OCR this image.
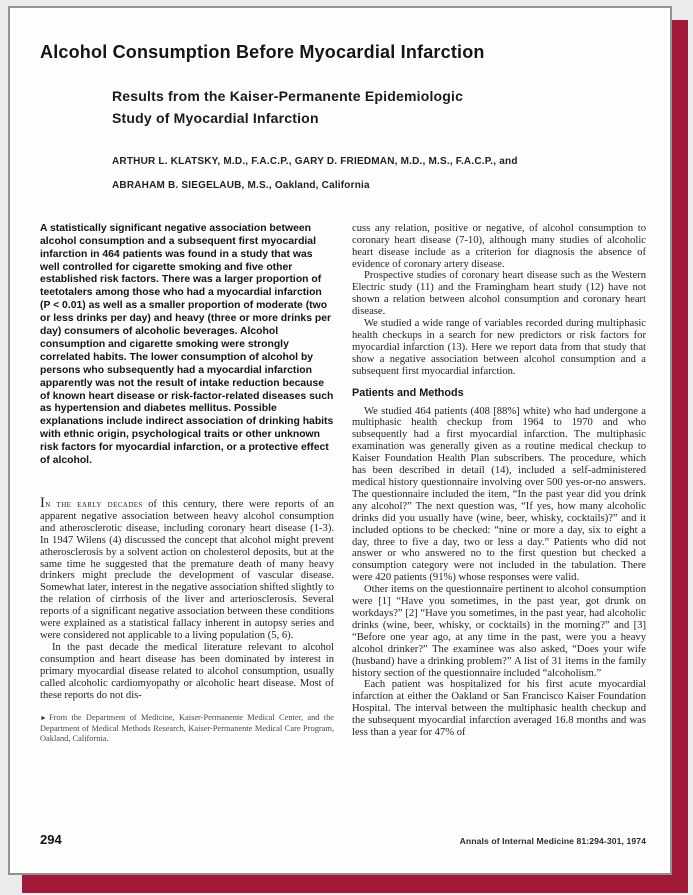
Alcohol Consumption Before Myocardial Infarction
Results from the Kaiser-Permanente Epidemiologic
Study of Myocardial Infarction
ARTHUR L. KLATSKY, M.D., F.A.C.P., GARY D. FRIEDMAN, M.D., M.S., F.A.C.P., and
ABRAHAM B. SIEGELAUB, M.S., Oakland, California
A statistically significant negative association between alcohol consumption and a subsequent first myocardial infarction in 464 patients was found in a study that was well controlled for cigarette smoking and five other established risk factors. There was a larger proportion of teetotalers among those who had a myocardial infarction (P < 0.01) as well as a smaller proportion of moderate (two or less drinks per day) and heavy (three or more drinks per day) consumers of alcoholic beverages. Alcohol consumption and cigarette smoking were strongly correlated habits. The lower consumption of alcohol by persons who subsequently had a myocardial infarction apparently was not the result of intake reduction because of known heart disease or risk-factor-related diseases such as hypertension and diabetes mellitus. Possible explanations include indirect association of drinking habits with ethnic origin, psychological traits or other unknown risk factors for myocardial infarction, or a protective effect of alcohol.

In the early decades of this century, there were reports of an apparent negative association between heavy alcohol consumption and atherosclerotic disease, including coronary heart disease (1-3). In 1947 Wilens (4) discussed the concept that alcohol might prevent atherosclerosis by a solvent action on cholesterol deposits, but at the same time he suggested that the premature death of many heavy drinkers might preclude the development of vascular disease. Somewhat later, interest in the negative association shifted slightly to the relation of cirrhosis of the liver and arteriosclerosis. Several reports of a significant negative association between these conditions were explained as a statistical fallacy inherent in autopsy series and were considered not applicable to a living population (5, 6).

In the past decade the medical literature relevant to alcohol consumption and heart disease has been dominated by interest in primary myocardial disease related to alcohol consumption, usually called alcoholic cardiomyopathy or alcoholic heart disease. Most of these reports do not dis-

► From the Department of Medicine, Kaiser-Permanente Medical Center, and the Department of Medical Methods Research, Kaiser-Permanente Medical Care Program, Oakland, California.

cuss any relation, positive or negative, of alcohol consumption to coronary heart disease (7-10), although many studies of alcoholic heart disease include as a criterion for diagnosis the absence of evidence of coronary artery disease.

Prospective studies of coronary heart disease such as the Western Electric study (11) and the Framingham heart study (12) have not shown a relation between alcohol consumption and coronary heart disease.

We studied a wide range of variables recorded during multiphasic health checkups in a search for new predictors or risk factors for myocardial infarction (13). Here we report data from that study that show a negative association between alcohol consumption and a subsequent first myocardial infarction.

Patients and Methods

We studied 464 patients (408 [88%] white) who had undergone a multiphasic health checkup from 1964 to 1970 and who subsequently had a first myocardial infarction. The multiphasic examination was generally given as a routine medical checkup to Kaiser Foundation Health Plan subscribers. The procedure, which has been described in detail (14), included a self-administered medical history questionnaire involving over 500 yes-or-no answers. The questionnaire included the item, “In the past year did you drink any alcohol?” The next question was, “If yes, how many alcoholic drinks did you usually have (wine, beer, whisky, cocktails)?” and it included options to be checked: “nine or more a day, six to eight a day, three to five a day, two or less a day.” Patients who did not answer or who answered no to the first question but checked a consumption category were not included in the tabulation. There were 420 patients (91%) whose responses were valid.

Other items on the questionnaire pertinent to alcohol consumption were [1] “Have you sometimes, in the past year, got drunk on workdays?” [2] “Have you sometimes, in the past year, had alcoholic drinks (wine, beer, whisky, or cocktails) in the morning?” and [3] “Before one year ago, at any time in the past, were you a heavy alcohol drinker?” The examinee was also asked, “Does your wife (husband) have a drinking problem?” A list of 31 items in the family history section of the questionnaire included “alcoholism.”

Each patient was hospitalized for his first acute myocardial infarction at either the Oakland or San Francisco Kaiser Foundation Hospital. The interval between the multiphasic health checkup and the subsequent myocardial infarction averaged 16.8 months and was less than a year for 47% of

294	Annals of Internal Medicine 81:294-301, 1974
